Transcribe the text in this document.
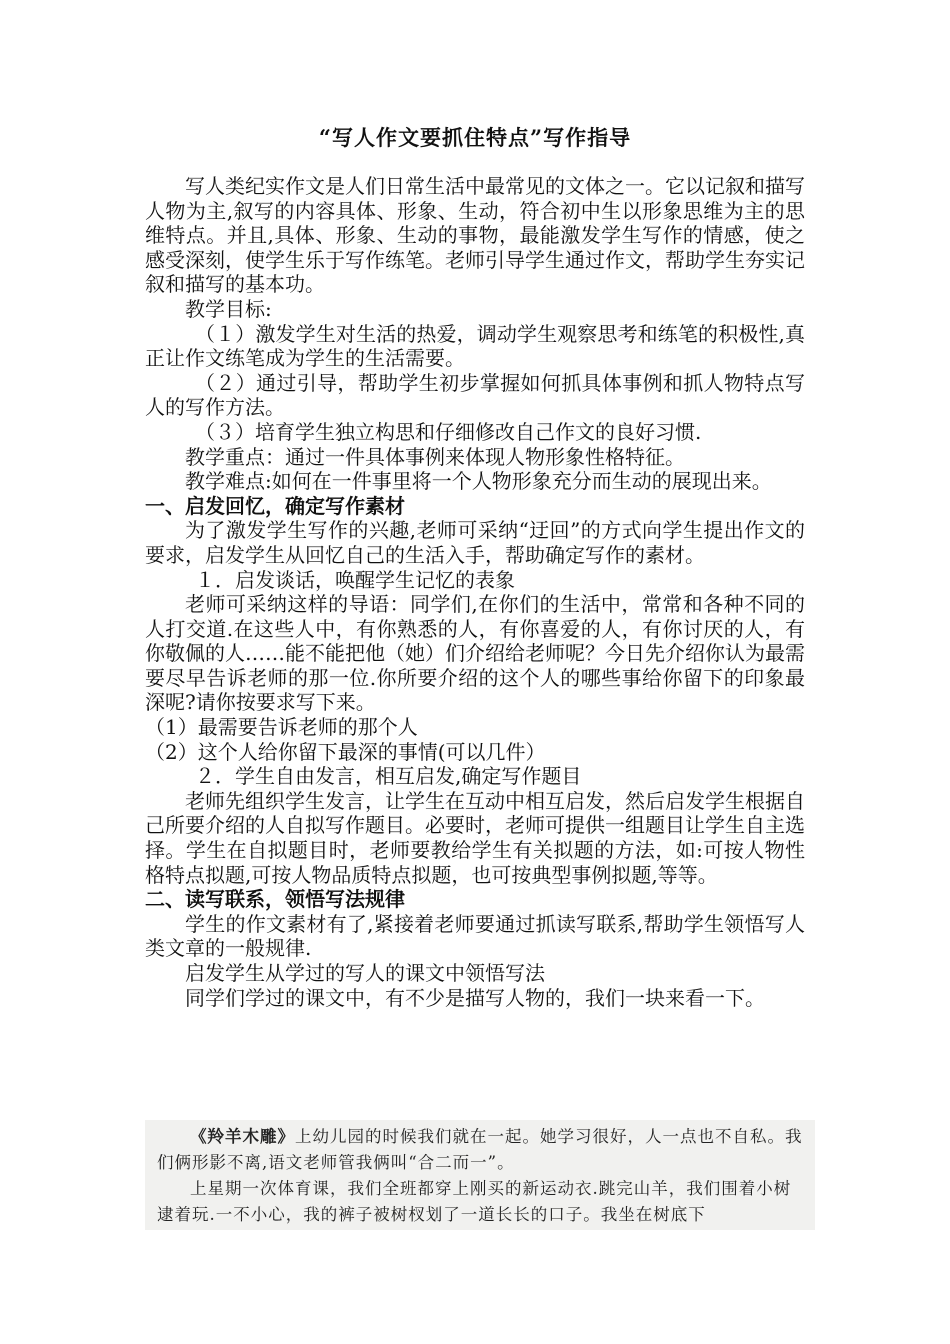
“写人作文要抓住特点”写作指导

写人类纪实作文是人们日常生活中最常见的文体之一。它以记叙和描写人物为主,叙写的内容具体、形象、生动，符合初中生以形象思维为主的思维特点。并且,具体、形象、生动的事物，最能激发学生写作的情感，使之感受深刻，使学生乐于写作练笔。老师引导学生通过作文，帮助学生夯实记叙和描写的基本功。

教学目标:

（１）激发学生对生活的热爱，调动学生观察思考和练笔的积极性,真正让作文练笔成为学生的生活需要。

（２）通过引导，帮助学生初步掌握如何抓具体事例和抓人物特点写人的写作方法。

（３）培育学生独立构思和仔细修改自己作文的良好习惯.

教学重点：通过一件具体事例来体现人物形象性格特征。

教学难点:如何在一件事里将一个人物形象充分而生动的展现出来。

一、启发回忆，确定写作素材

为了激发学生写作的兴趣,老师可采纳“迂回”的方式向学生提出作文的要求，启发学生从回忆自己的生活入手，帮助确定写作的素材。

１．启发谈话，唤醒学生记忆的表象

老师可采纳这样的导语：同学们,在你们的生活中，常常和各种不同的人打交道.在这些人中，有你熟悉的人，有你喜爱的人，有你讨厌的人，有你敬佩的人……能不能把他（她）们介绍给老师呢？今日先介绍你认为最需要尽早告诉老师的那一位.你所要介绍的这个人的哪些事给你留下的印象最深呢?请你按要求写下来。

（1）最需要告诉老师的那个人

（2）这个人给你留下最深的事情(可以几件）

２．学生自由发言，相互启发,确定写作题目

老师先组织学生发言，让学生在互动中相互启发，然后启发学生根据自己所要介绍的人自拟写作题目。必要时，老师可提供一组题目让学生自主选择。学生在自拟题目时，老师要教给学生有关拟题的方法，如:可按人物性格特点拟题,可按人物品质特点拟题，也可按典型事例拟题,等等。

二、读写联系，领悟写法规律

学生的作文素材有了,紧接着老师要通过抓读写联系,帮助学生领悟写人类文章的一般规律.

启发学生从学过的写人的课文中领悟写法

同学们学过的课文中，有不少是描写人物的，我们一块来看一下。

《羚羊木雕》上幼儿园的时候我们就在一起。她学习很好，人一点也不自私。我们俩形影不离,语文老师管我俩叫“合二而一”。

上星期一次体育课，我们全班都穿上刚买的新运动衣.跳完山羊，我们围着小树逮着玩.一不小心，我的裤子被树杈划了一道长长的口子。我坐在树底下
